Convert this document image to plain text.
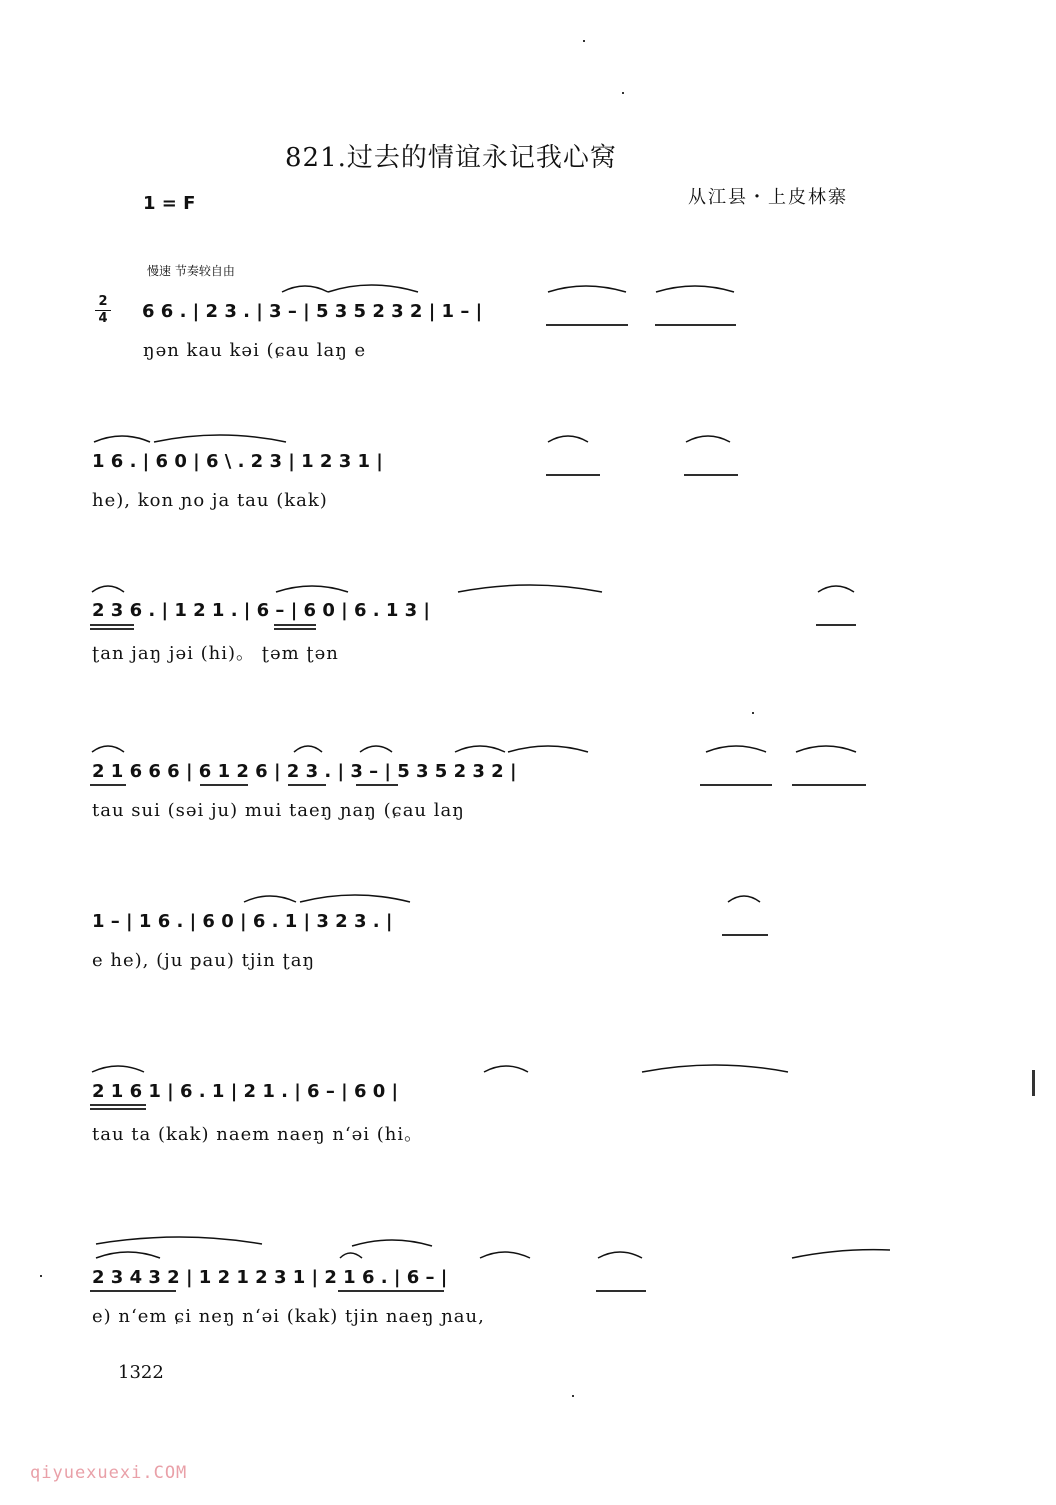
821.过去的情谊永记我心窝
1 = F	从江县・上皮林寨
慢速 节奏较自由
2
4 6 6 . | 2 3 . | 3 – | 5 3 5 2 3 2 | 1 – |
ŋən kau kəi (ɕau laŋ e
1 6 . | 6 0 | 6 \ . 2 3 | 1 2 3 1 |
he), kon ɲo ja tau (kak)
2 3 6 . | 1 2 1 . | 6 – | 6 0 | 6 . 1 3 |
ʈan jaŋ jəi (hi)。 ʈəm ʈən
2 1 6 6 6 | 6 1 2 6 | 2 3 . | 3 – | 5 3 5 2 3 2 |
tau sui (səi ju) mui taeŋ ɲaŋ (ɕau laŋ
1 – | 1 6 . | 6 0 | 6 . 1 | 3 2 3 . |
e he), (ju pau) tjin ʈaŋ
2 1 6 1 | 6 . 1 | 2 1 . | 6 – | 6 0 |
tau ta (kak) naem naeŋ n‘əi (hi。
2 3 4 3 2 | 1 2 1 2 3 1 | 2 1 6 . | 6 – |
e) n‘em ɕi neŋ n‘əi (kak) tjin naeŋ ɲau,
1322
qiyuexuexi.COM
